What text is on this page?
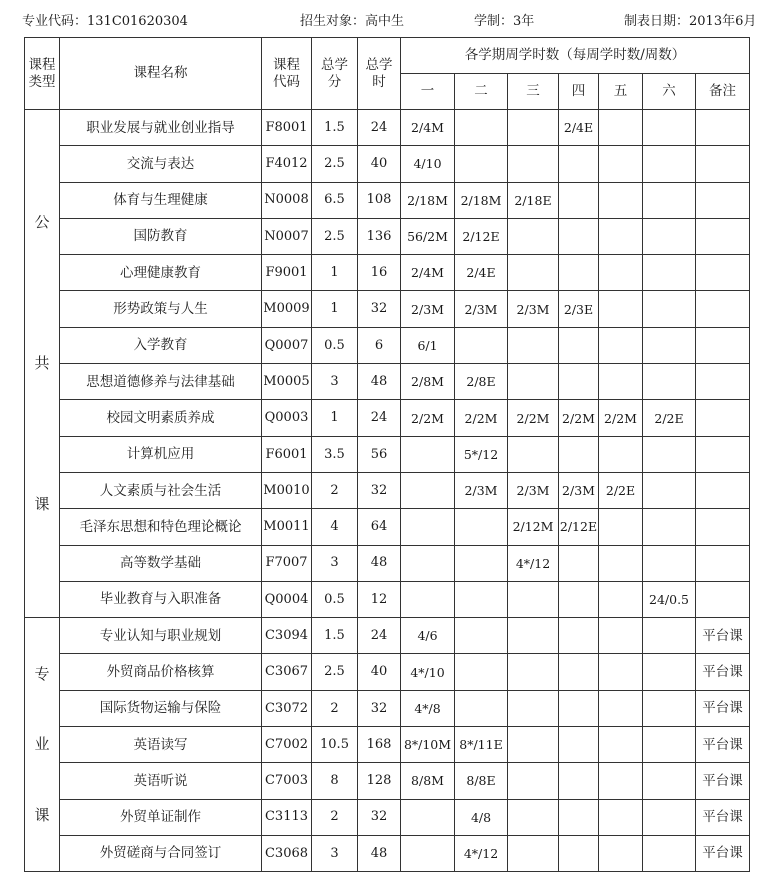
专业代码：131C01620304	招生对象：高中生	学制：3年	制表日期：2013年6月
课程类型	课程名称	课程代码	总学分	总学时	各学期周学时数（每周学时数/周数）						
					一	二	三	四	五	六	备注

公
共
课	职业发展与就业创业指导	F8001	1.5	24	2/4M			2/4E			
	交流与表达	F4012	2.5	40	4/10						
	体育与生理健康	N0008	6.5	108	2/18M	2/18M	2/18E				
	国防教育	N0007	2.5	136	56/2M	2/12E					
	心理健康教育	F9001	1	16	2/4M	2/4E					
	形势政策与人生	M0009	1	32	2/3M	2/3M	2/3M	2/3E			
	入学教育	Q0007	0.5	6	6/1						
	思想道德修养与法律基础	M0005	3	48	2/8M	2/8E					
	校园文明素质养成	Q0003	1	24	2/2M	2/2M	2/2M	2/2M	2/2M	2/2E	
	计算机应用	F6001	3.5	56		5*/12					
	人文素质与社会生活	M0010	2	32		2/3M	2/3M	2/3M	2/2E		
	毛泽东思想和特色理论概论	M0011	4	64			2/12M	2/12E			
	高等数学基础	F7007	3	48			4*/12				
	毕业教育与入职准备	Q0004	0.5	12						24/0.5	

专
业
课	专业认知与职业规划	C3094	1.5	24	4/6						平台课
	外贸商品价格核算	C3067	2.5	40	4*/10						平台课
	国际货物运输与保险	C3072	2	32	4*/8						平台课
	英语读写	C7002	10.5	168	8*/10M	8*/11E					平台课
	英语听说	C7003	8	128	8/8M	8/8E					平台课
	外贸单证制作	C3113	2	32		4/8					平台课
	外贸磋商与合同签订	C3068	3	48		4*/12					平台课
